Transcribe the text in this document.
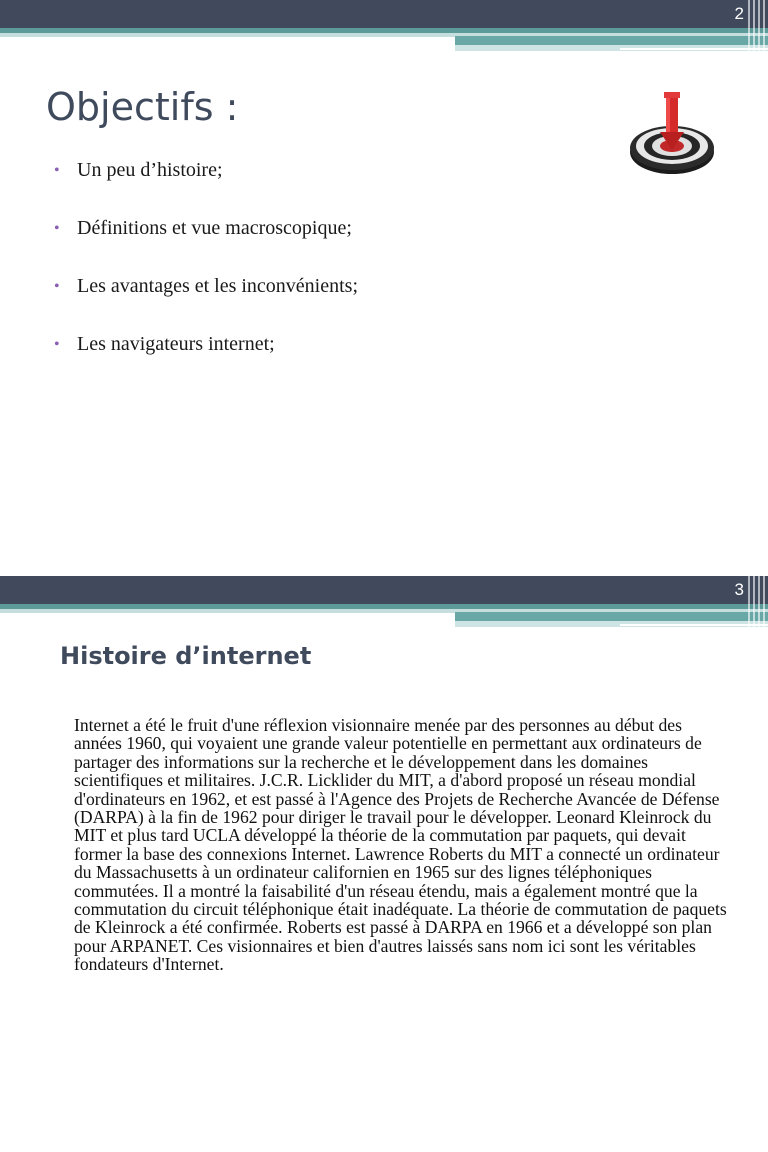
2
Objectifs :
• Un peu d’histoire;
• Définitions et vue macroscopique;
• Les avantages et les inconvénients;
• Les navigateurs internet;
3
Histoire d’internet

Internet a été le fruit d'une réflexion visionnaire menée par des personnes au début des années 1960, qui voyaient une grande valeur potentielle en permettant aux ordinateurs de partager des informations sur la recherche et le développement dans les domaines scientifiques et militaires. J.C.R. Licklider du MIT, a d'abord proposé un réseau mondial d'ordinateurs en 1962, et est passé à l'Agence des Projets de Recherche Avancée de Défense (DARPA) à la fin de 1962 pour diriger le travail pour le développer. Leonard Kleinrock du MIT et plus tard UCLA développé la théorie de la commutation par paquets, qui devait former la base des connexions Internet. Lawrence Roberts du MIT a connecté un ordinateur du Massachusetts à un ordinateur californien en 1965 sur des lignes téléphoniques commutées. Il a montré la faisabilité d'un réseau étendu, mais a également montré que la commutation du circuit téléphonique était inadéquate. La théorie de commutation de paquets de Kleinrock a été confirmée. Roberts est passé à DARPA en 1966 et a développé son plan pour ARPANET. Ces visionnaires et bien d'autres laissés sans nom ici sont les véritables fondateurs d'Internet.
